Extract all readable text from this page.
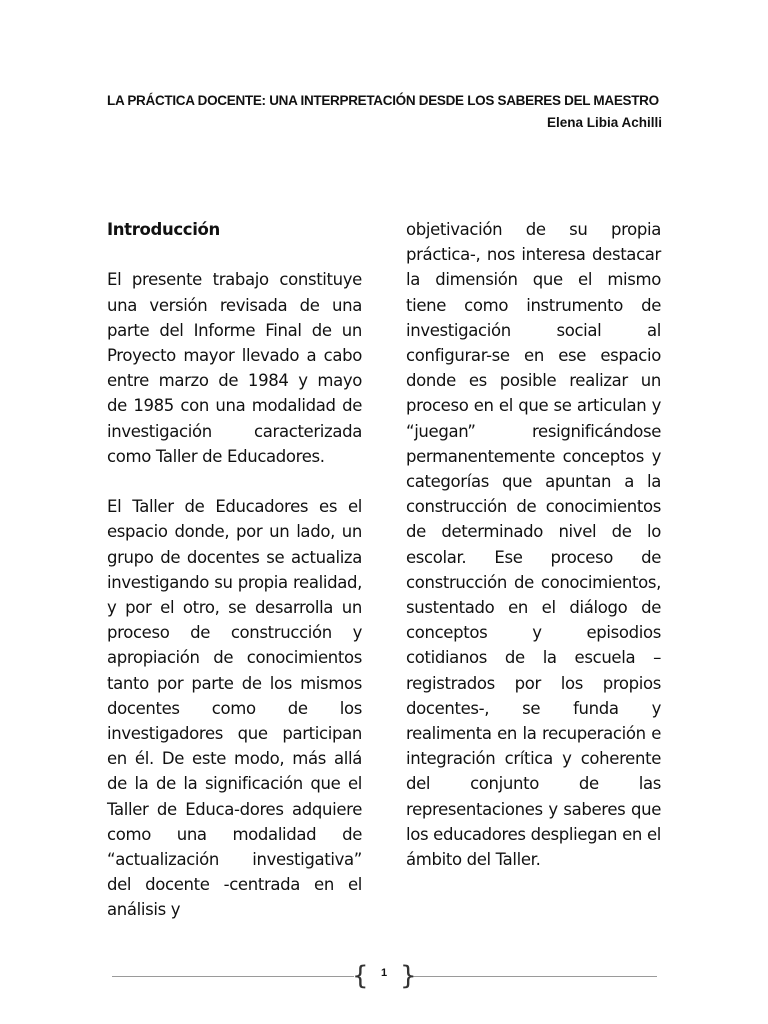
LA PRÁCTICA DOCENTE: UNA INTERPRETACIÓN DESDE LOS SABERES DEL MAESTRO
Elena Libia Achilli
Introducción

El presente trabajo constituye una versión revisada de una parte del Informe Final de un Proyecto mayor llevado a cabo entre marzo de 1984 y mayo de 1985 con una modalidad de investigación caracterizada como Taller de Educadores.

El Taller de Educadores es el espacio donde, por un lado, un grupo de docentes se actualiza investigando su propia realidad, y por el otro, se desarrolla un proceso de construcción y apropiación de conocimientos tanto por parte de los mismos docentes como de los investigadores que participan en él. De este modo, más allá de la de la significación que el Taller de Educa-dores adquiere como una modalidad de “actualización investigativa” del docente -centrada en el análisis y

objetivación de su propia práctica-, nos interesa destacar la dimensión que el mismo tiene como instrumento de investigación social al configurar-se en ese espacio donde es posible realizar un proceso en el que se articulan y “juegan” resignificándose permanentemente conceptos y categorías que apuntan a la construcción de conocimientos de determinado nivel de lo escolar. Ese proceso de construcción de conocimientos, sustentado en el diálogo de conceptos y episodios cotidianos de la escuela –registrados por los propios docentes-, se funda y realimenta en la recuperación e integración crítica y coherente del conjunto de las representaciones y saberes que los educadores despliegan en el ámbito del Taller.

{ }
1
